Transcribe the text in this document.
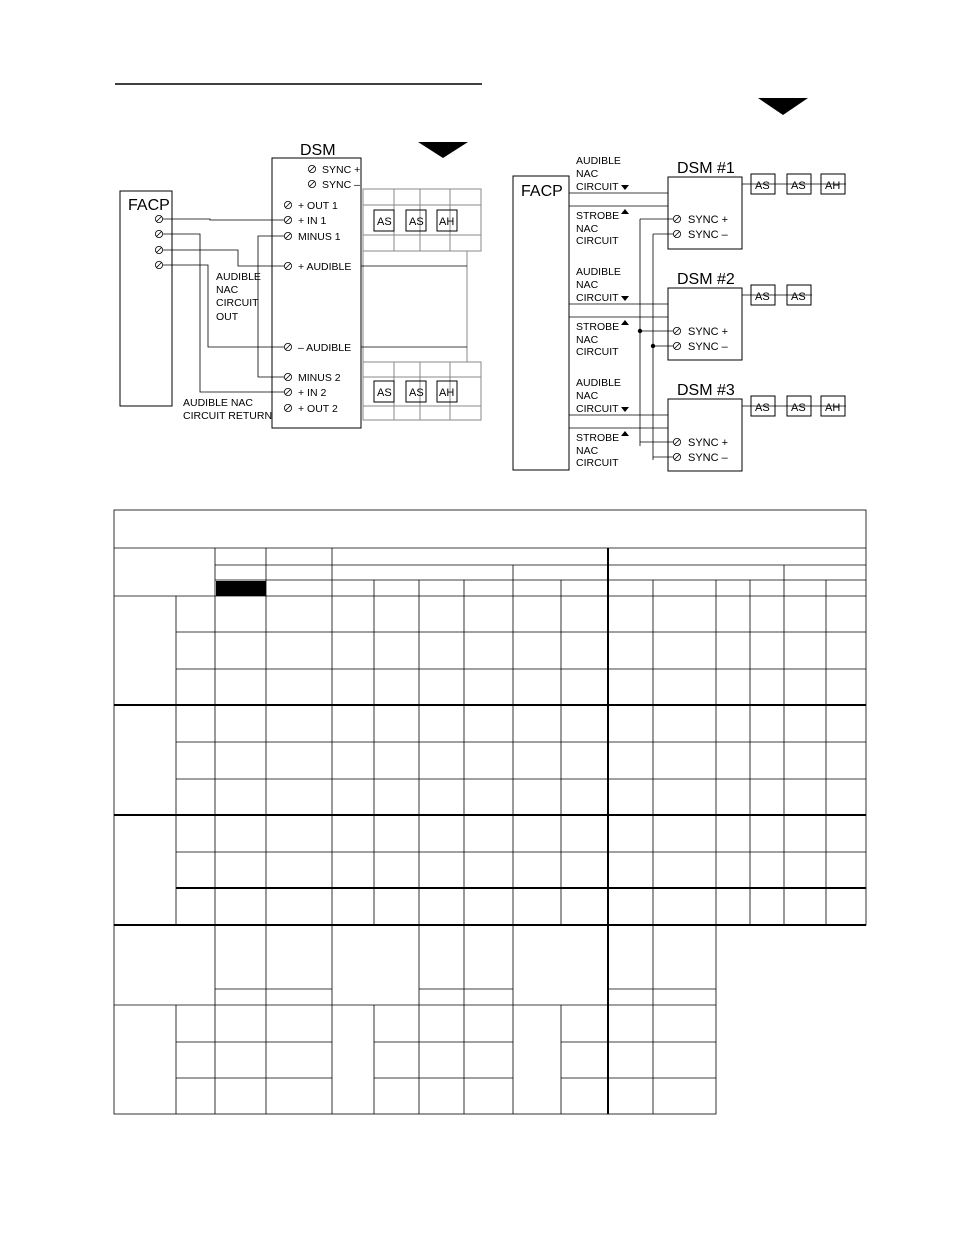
FACP
DSM
SYNC +
SYNC –
+ OUT 1
+ IN 1
MINUS 1
+ AUDIBLE
– AUDIBLE
MINUS 2
+ IN 2
+ OUT 2
AUDIBLE
NAC
CIRCUIT
OUT
AUDIBLE NAC
CIRCUIT RETURN
AS AS AH
AS AS AH
FACP
AUDIBLE
NAC
CIRCUIT
STROBE
NAC
CIRCUIT
DSM #1
SYNC +
SYNC –
AS AS AH
AUDIBLE
NAC
CIRCUIT
STROBE
NAC
CIRCUIT
DSM #2
SYNC +
SYNC –
AS AS
AUDIBLE
NAC
CIRCUIT
STROBE
NAC
CIRCUIT
DSM #3
SYNC +
SYNC –
AS AS AH
